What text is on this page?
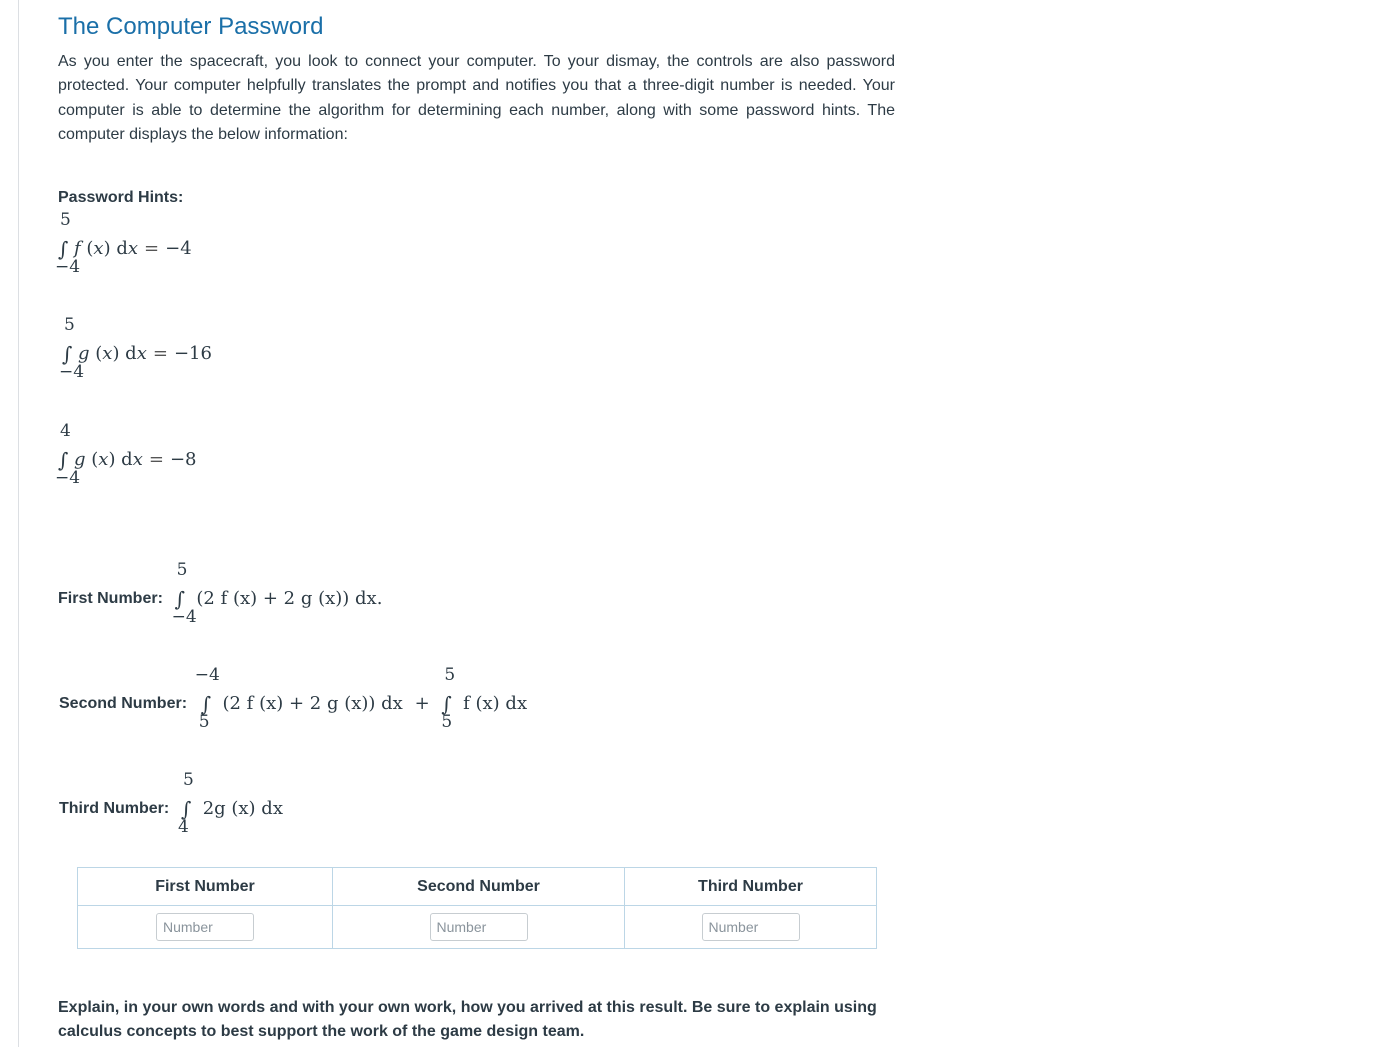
The Computer Password

As you enter the spacecraft, you look to connect your computer. To your dismay, the controls are also password protected. Your computer helpfully translates the prompt and notifies you that a three-digit number is needed. Your computer is able to determine the algorithm for determining each number, along with some password hints. The computer displays the below information:

Password Hints:
∫
5
−4
f (x) dx = −4
∫
5
−4
g (x) dx = −16
∫
4
−4
g (x) dx = −8
First Number: ∫
5
−4
(2 f (x) + 2 g (x)) dx.
Second Number: ∫
−4
5
(2 f (x) + 2 g (x)) dx + ∫
5
5
f (x) dx
Third Number: ∫
5
4
2g (x) dx

Explain, in your own words and with your own work, how you arrived at this result. Be sure to explain using calculus concepts to best support the work of the game design team.

First Number	Second Number	Third Number
Number	Number	Number
